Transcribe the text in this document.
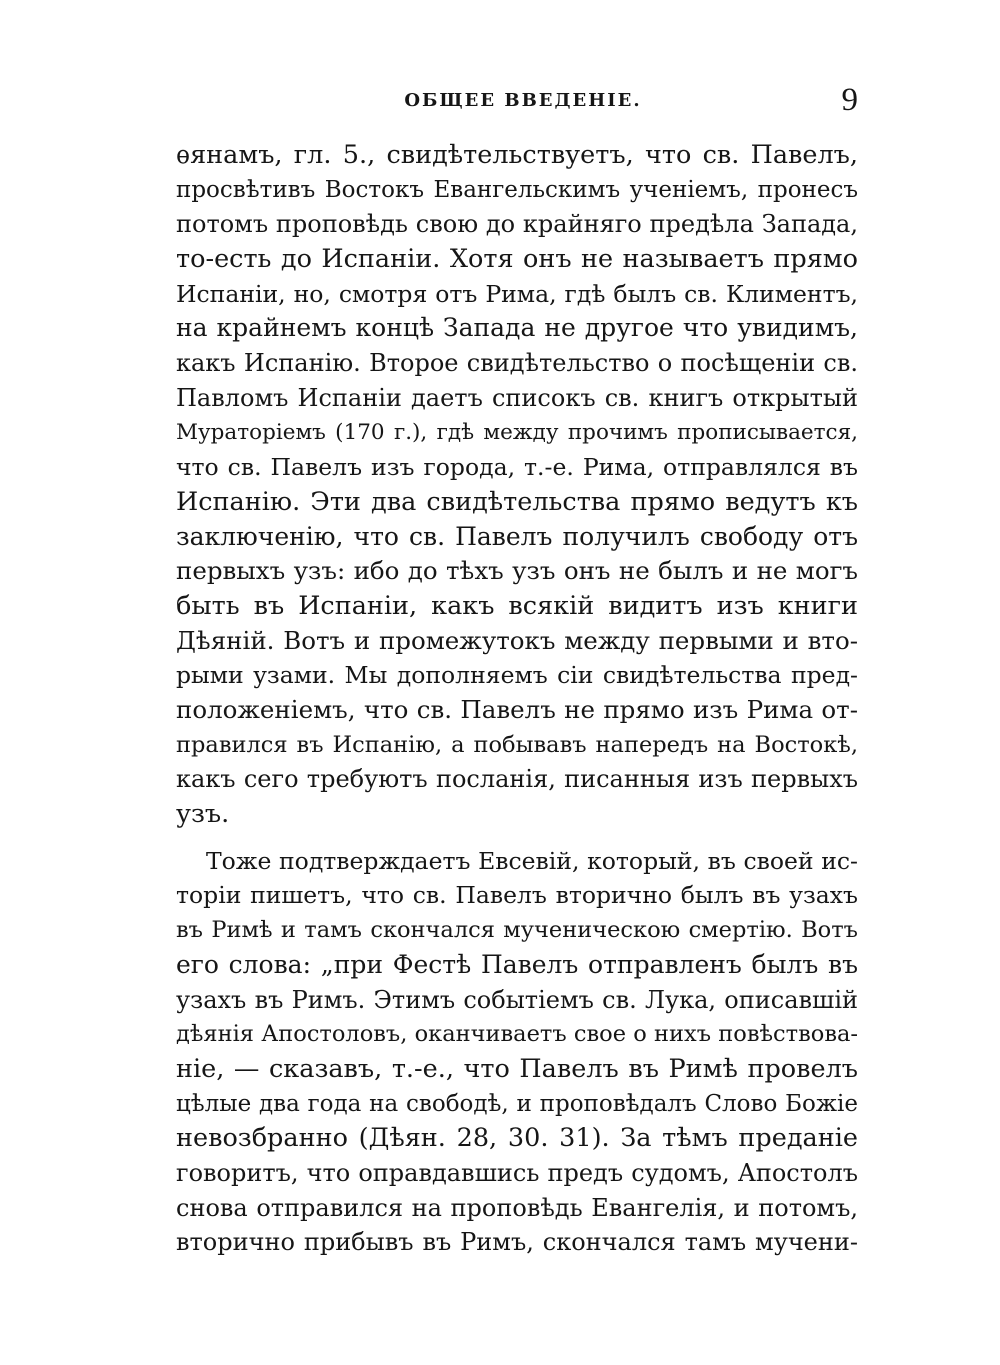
ОБЩЕЕ ВВЕДЕНІЕ.	9
ѳянамъ, гл. 5., свидѣтельствуетъ, что св. Павелъ,
просвѣтивъ Востокъ Евангельскимъ ученіемъ, пронесъ
потомъ проповѣдь свою до крайняго предѣла Запада,
то-есть до Испаніи. Хотя онъ не называетъ прямо
Испаніи, но, смотря отъ Рима, гдѣ былъ св. Климентъ,
на крайнемъ концѣ Запада не другое что увидимъ,
какъ Испанію. Второе свидѣтельство о посѣщеніи св.
Павломъ Испаніи даетъ списокъ св. книгъ открытый
Мураторіемъ (170 г.), гдѣ между прочимъ прописывается,
что св. Павелъ изъ города, т.-е. Рима, отправлялся въ
Испанію. Эти два свидѣтельства прямо ведутъ къ
заключенію, что св. Павелъ получилъ свободу отъ
первыхъ узъ: ибо до тѣхъ узъ онъ не былъ и не могъ
быть въ Испаніи, какъ всякій видитъ изъ книги
Дѣяній. Вотъ и промежутокъ между первыми и вто-
рыми узами. Мы дополняемъ сіи свидѣтельства пред-
положеніемъ, что св. Павелъ не прямо изъ Рима от-
правился въ Испанію, а побывавъ напередъ на Востокѣ,
какъ сего требуютъ посланія, писанныя изъ первыхъ
узъ.
Тоже подтверждаетъ Евсевій, который, въ своей ис-
торіи пишетъ, что св. Павелъ вторично былъ въ узахъ
въ Римѣ и тамъ скончался мученическою смертію. Вотъ
его слова: „при Фестѣ Павелъ отправленъ былъ въ
узахъ въ Римъ. Этимъ событіемъ св. Лука, описавшій
дѣянія Апостоловъ, оканчиваетъ свое о нихъ повѣствова-
ніе, — сказавъ, т.-е., что Павелъ въ Римѣ провелъ
цѣлые два года на свободѣ, и проповѣдалъ Слово Божіе
невозбранно (Дѣян. 28, 30. 31). За тѣмъ преданіе
говоритъ, что оправдавшись предъ судомъ, Апостолъ
снова отправился на проповѣдь Евангелія, и потомъ,
вторично прибывъ въ Римъ, скончался тамъ мучени-
